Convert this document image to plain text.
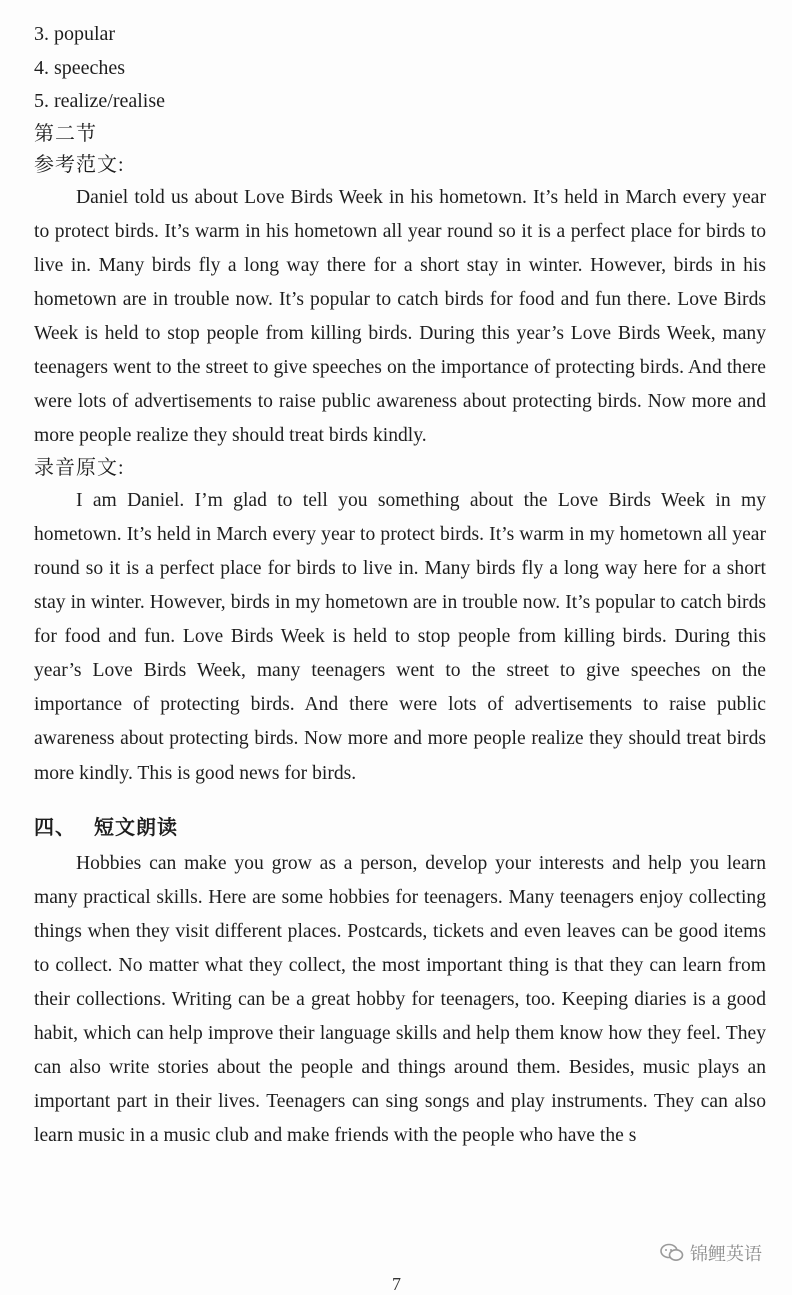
3. popular
4. speeches
5. realize/realise
第二节
参考范文:

Daniel told us about Love Birds Week in his hometown. It’s held in March every year to protect birds. It’s warm in his hometown all year round so it is a perfect place for birds to live in. Many birds fly a long way there for a short stay in winter. However, birds in his hometown are in trouble now. It’s popular to catch birds for food and fun there. Love Birds Week is held to stop people from killing birds. During this year’s Love Birds Week, many teenagers went to the street to give speeches on the importance of protecting birds. And there were lots of advertisements to raise public awareness about protecting birds. Now more and more people realize they should treat birds kindly.

录音原文:

I am Daniel. I’m glad to tell you something about the Love Birds Week in my hometown. It’s held in March every year to protect birds. It’s warm in my hometown all year round so it is a perfect place for birds to live in. Many birds fly a long way here for a short stay in winter. However, birds in my hometown are in trouble now. It’s popular to catch birds for food and fun. Love Birds Week is held to stop people from killing birds. During this year’s Love Birds Week, many teenagers went to the street to give speeches on the importance of protecting birds. And there were lots of advertisements to raise public awareness about protecting birds. Now more and more people realize they should treat birds more kindly. This is good news for birds.

四、 短文朗读

Hobbies can make you grow as a person, develop your interests and help you learn many practical skills. Here are some hobbies for teenagers. Many teenagers enjoy collecting things when they visit different places. Postcards, tickets and even leaves can be good items to collect. No matter what they collect, the most important thing is that they can learn from their collections. Writing can be a great hobby for teenagers, too. Keeping diaries is a good habit, which can help improve their language skills and help them know how they feel. They can also write stories about the people and things around them. Besides, music plays an important part in their lives. Teenagers can sing songs and play instruments. They can also learn music in a music club and make friends with the people who have the s

锦鲤英语
7
